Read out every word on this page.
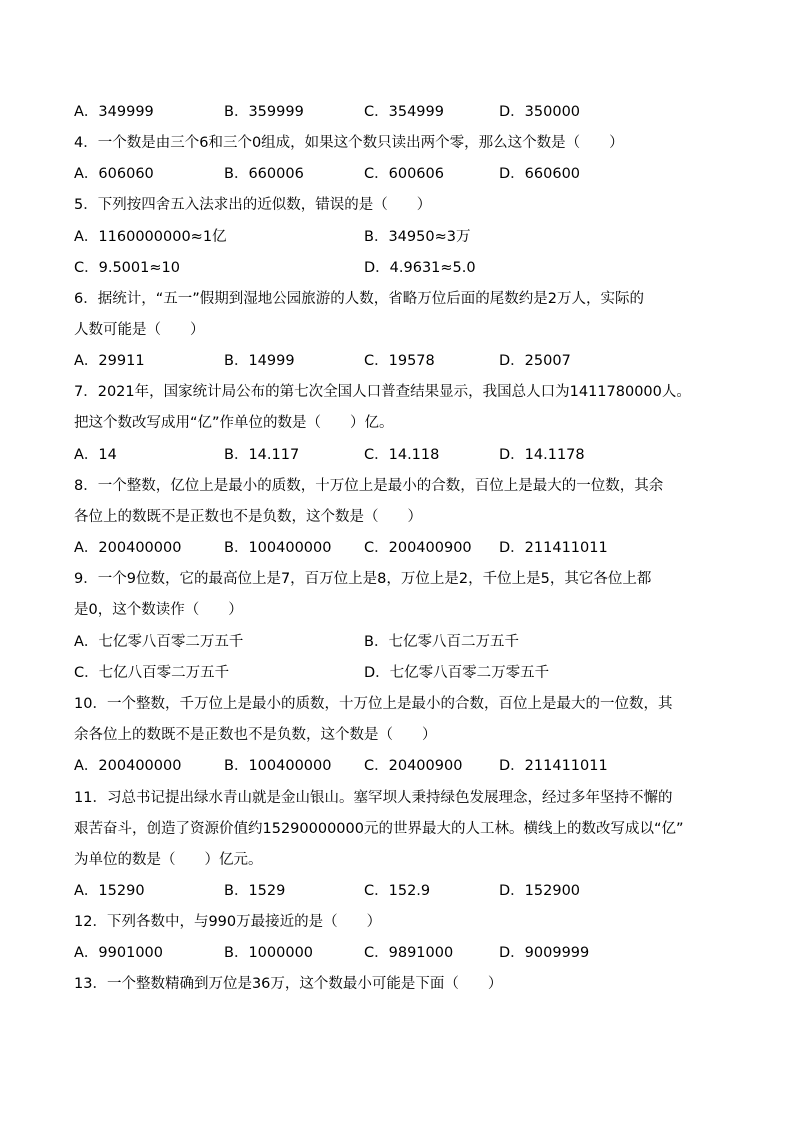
A．349999	B．359999	C．354999	D．350000
4．一个数是由三个6和三个0组成，如果这个数只读出两个零，那么这个数是（　　）
A．606060	B．660006	C．600606	D．660600
5．下列按四舍五入法求出的近似数，错误的是（　　）
A．1160000000≈1亿	B．34950≈3万
C．9.5001≈10	D．4.9631≈5.0
6．据统计，“五一”假期到湿地公园旅游的人数，省略万位后面的尾数约是2万人，实际的
人数可能是（　　）
A．29911	B．14999	C．19578	D．25007
7．2021年，国家统计局公布的第七次全国人口普查结果显示，我国总人口为1411780000人。
把这个数改写成用“亿”作单位的数是（　　）亿。
A．14	B．14.117	C．14.118	D．14.1178
8．一个整数，亿位上是最小的质数，十万位上是最小的合数，百位上是最大的一位数，其余
各位上的数既不是正数也不是负数，这个数是（　　）
A．200400000	B．100400000 C．200400900 D．211411011
9．一个9位数，它的最高位上是7，百万位上是8，万位上是2，千位上是5，其它各位上都
是0，这个数读作（　　）
A．七亿零八百零二万五千	B．七亿零八百二万五千
C．七亿八百零二万五千	D．七亿零八百零二万零五千
10．一个整数，千万位上是最小的质数，十万位上是最小的合数，百位上是最大的一位数，其
余各位上的数既不是正数也不是负数，这个数是（　　）
A．200400000	B．100400000 C．20400900	D．211411011
11．习总书记提出绿水青山就是金山银山。塞罕坝人秉持绿色发展理念，经过多年坚持不懈的
艰苦奋斗，创造了资源价值约15290000000元的世界最大的人工林。横线上的数改写成以“亿”
为单位的数是（　　）亿元。
A．15290	B．1529	C．152.9	D．152900
12．下列各数中，与990万最接近的是（　　）
A．9901000	B．1000000	C．9891000	D．9009999
13．一个整数精确到万位是36万，这个数最小可能是下面（　　）
